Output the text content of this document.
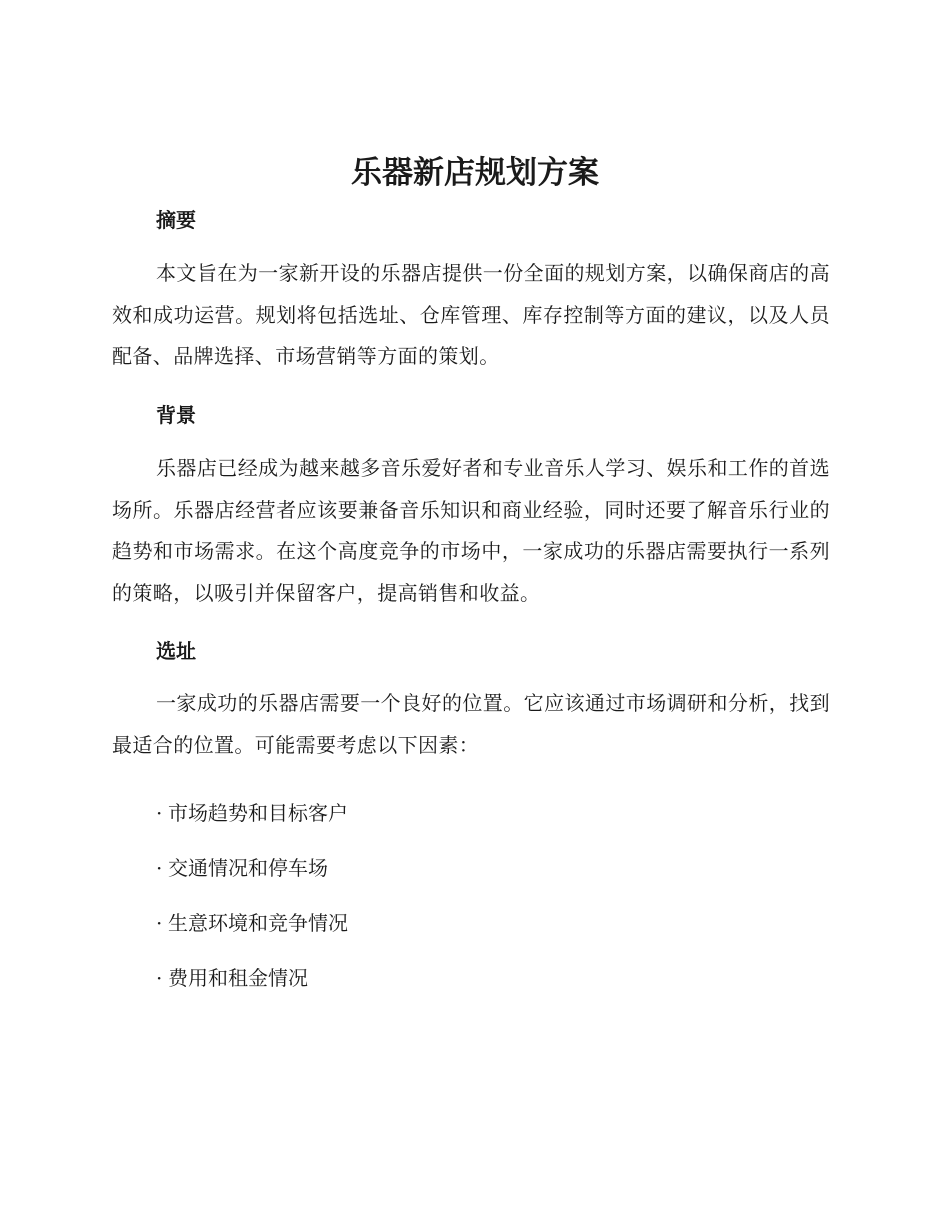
乐器新店规划方案
摘要

本文旨在为一家新开设的乐器店提供一份全面的规划方案，以确保商店的高效和成功运营。规划将包括选址、仓库管理、库存控制等方面的建议，以及人员配备、品牌选择、市场营销等方面的策划。

背景

乐器店已经成为越来越多音乐爱好者和专业音乐人学习、娱乐和工作的首选场所。乐器店经营者应该要兼备音乐知识和商业经验，同时还要了解音乐行业的趋势和市场需求。在这个高度竞争的市场中，一家成功的乐器店需要执行一系列的策略，以吸引并保留客户，提高销售和收益。

选址

一家成功的乐器店需要一个良好的位置。它应该通过市场调研和分析，找到最适合的位置。可能需要考虑以下因素：

· 市场趋势和目标客户
· 交通情况和停车场
· 生意环境和竞争情况
· 费用和租金情况
